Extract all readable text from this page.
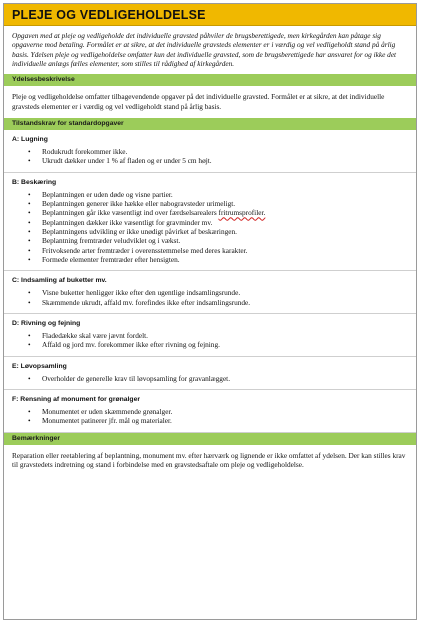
PLEJE OG VEDLIGEHOLDELSE
Opgaven med at pleje og vedligeholde det individuelle gravsted påhviler de brugsberettigede, men kirkegården kan påtage sig opgaverne mod betaling. Formålet er at sikre, at det individuelle gravsteds elementer er i værdig og vel vedligeholdt stand på årlig basis. Ydelsen pleje og vedligeholdelse omfatter kun det individuelle gravsted, som de brugsberettigede har ansvaret for og ikke det individuelle anlægs fælles elementer, som stilles til rådighed af kirkegården.
Ydelsesbeskrivelse
Pleje og vedligeholdelse omfatter tilbagevendende opgaver på det individuelle gravsted. Formålet er at sikre, at det individuelle gravsteds elementer er i værdig og vel vedligeholdt stand på årlig basis.
Tilstandskrav for standardopgaver
A: Lugning
• Rodukrudt forekommer ikke.
• Ukrudt dækker under 1 % af fladen og er under 5 cm højt.
B: Beskæring
• Beplantningen er uden døde og visne partier.
• Beplantningen generer ikke hække eller nabogravsteder urimeligt.
• Beplantningen går ikke væsentligt ind over færdselsarealers fritrumsprofiler.
• Beplantningen dækker ikke væsentligt for gravminder mv.
• Beplantningens udvikling er ikke unødigt påvirket af beskæringen.
• Beplantning fremtræder veludviklet og i vækst.
• Fritvoksende arter fremtræder i overensstemmelse med deres karakter.
• Formede elementer fremtræder efter hensigten.
C: Indsamling af buketter mv.
• Visne buketter henligger ikke efter den ugentlige indsamlingsrunde.
• Skæmmende ukrudt, affald mv. forefindes ikke efter indsamlingsrunde.
D: Rivning og fejning
• Fladedække skal være jævnt fordelt.
• Affald og jord mv. forekommer ikke efter rivning og fejning.
E: Løvopsamling
• Overholder de generelle krav til løvopsamling for gravanlægget.
F: Rensning af monument for grønalger
• Monumentet er uden skæmmende grønalger.
• Monumentet patinerer jfr. mål og materialer.
Bemærkninger
Reparation eller reetablering af beplantning, monument mv. efter hærværk og lignende er ikke omfattet af ydelsen. Der kan stilles krav til gravstedets indretning og stand i forbindelse med en gravstedsaftale om pleje og vedligeholdelse.
